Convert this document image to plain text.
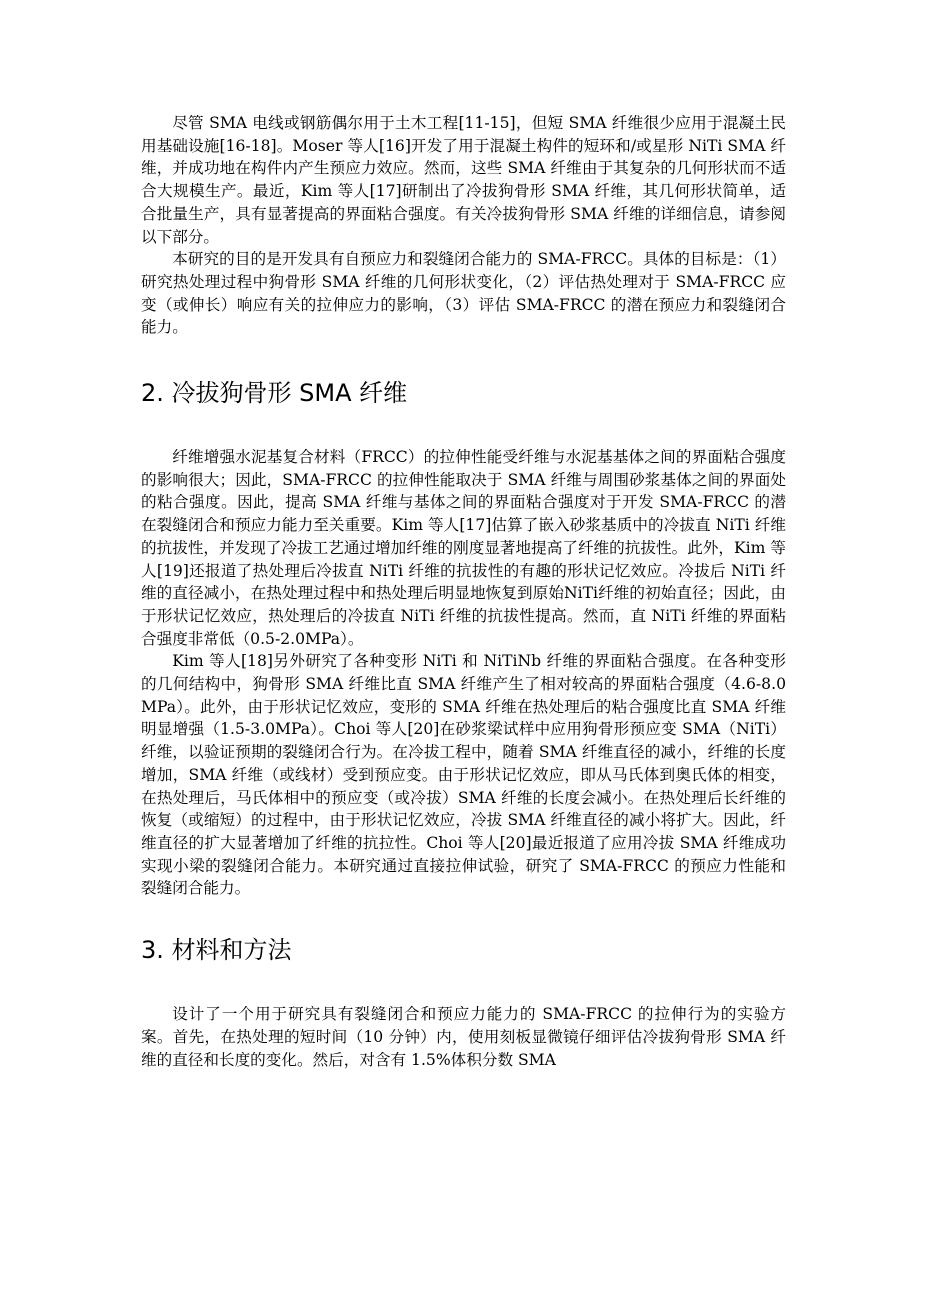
尽管 SMA 电线或钢筋偶尔用于土木工程[11-15]，但短 SMA 纤维很少应用于混凝土民用基础设施[16-18]。Moser 等人[16]开发了用于混凝土构件的短环和/或星形 NiTi SMA 纤维，并成功地在构件内产生预应力效应。然而，这些 SMA 纤维由于其复杂的几何形状而不适合大规模生产。最近，Kim 等人[17]研制出了冷拔狗骨形 SMA 纤维，其几何形状简单，适合批量生产，具有显著提高的界面粘合强度。有关冷拔狗骨形 SMA 纤维的详细信息，请参阅以下部分。

本研究的目的是开发具有自预应力和裂缝闭合能力的 SMA-FRCC。具体的目标是：（1）研究热处理过程中狗骨形 SMA 纤维的几何形状变化，（2）评估热处理对于 SMA-FRCC 应变（或伸长）响应有关的拉伸应力的影响，（3）评估 SMA-FRCC 的潜在预应力和裂缝闭合能力。

2. 冷拔狗骨形 SMA 纤维

纤维增强水泥基复合材料（FRCC）的拉伸性能受纤维与水泥基基体之间的界面粘合强度的影响很大；因此，SMA-FRCC 的拉伸性能取决于 SMA 纤维与周围砂浆基体之间的界面处的粘合强度。因此，提高 SMA 纤维与基体之间的界面粘合强度对于开发 SMA-FRCC 的潜在裂缝闭合和预应力能力至关重要。Kim 等人[17]估算了嵌入砂浆基质中的冷拔直 NiTi 纤维的抗拔性，并发现了冷拔工艺通过增加纤维的刚度显著地提高了纤维的抗拔性。此外，Kim 等人[19]还报道了热处理后冷拔直 NiTi 纤维的抗拔性的有趣的形状记忆效应。冷拔后 NiTi 纤维的直径减小，在热处理过程中和热处理后明显地恢复到原始NiTi纤维的初始直径；因此，由于形状记忆效应，热处理后的冷拔直 NiTi 纤维的抗拔性提高。然而，直 NiTi 纤维的界面粘合强度非常低（0.5-2.0MPa）。

Kim 等人[18]另外研究了各种变形 NiTi 和 NiTiNb 纤维的界面粘合强度。在各种变形的几何结构中，狗骨形 SMA 纤维比直 SMA 纤维产生了相对较高的界面粘合强度（4.6-8.0MPa）。此外，由于形状记忆效应，变形的 SMA 纤维在热处理后的粘合强度比直 SMA 纤维明显增强（1.5-3.0MPa）。Choi 等人[20]在砂浆梁试样中应用狗骨形预应变 SMA（NiTi）纤维，以验证预期的裂缝闭合行为。在冷拔工程中，随着 SMA 纤维直径的减小，纤维的长度增加，SMA 纤维（或线材）受到预应变。由于形状记忆效应，即从马氏体到奥氏体的相变，在热处理后，马氏体相中的预应变（或冷拔）SMA 纤维的长度会减小。在热处理后长纤维的恢复（或缩短）的过程中，由于形状记忆效应，冷拔 SMA 纤维直径的减小将扩大。因此，纤维直径的扩大显著增加了纤维的抗拉性。Choi 等人[20]最近报道了应用冷拔 SMA 纤维成功实现小梁的裂缝闭合能力。本研究通过直接拉伸试验，研究了 SMA-FRCC 的预应力性能和裂缝闭合能力。

3. 材料和方法

设计了一个用于研究具有裂缝闭合和预应力能力的 SMA-FRCC 的拉伸行为的实验方案。首先，在热处理的短时间（10 分钟）内，使用刻板显微镜仔细评估冷拔狗骨形 SMA 纤维的直径和长度的变化。然后，对含有 1.5%体积分数 SMA
